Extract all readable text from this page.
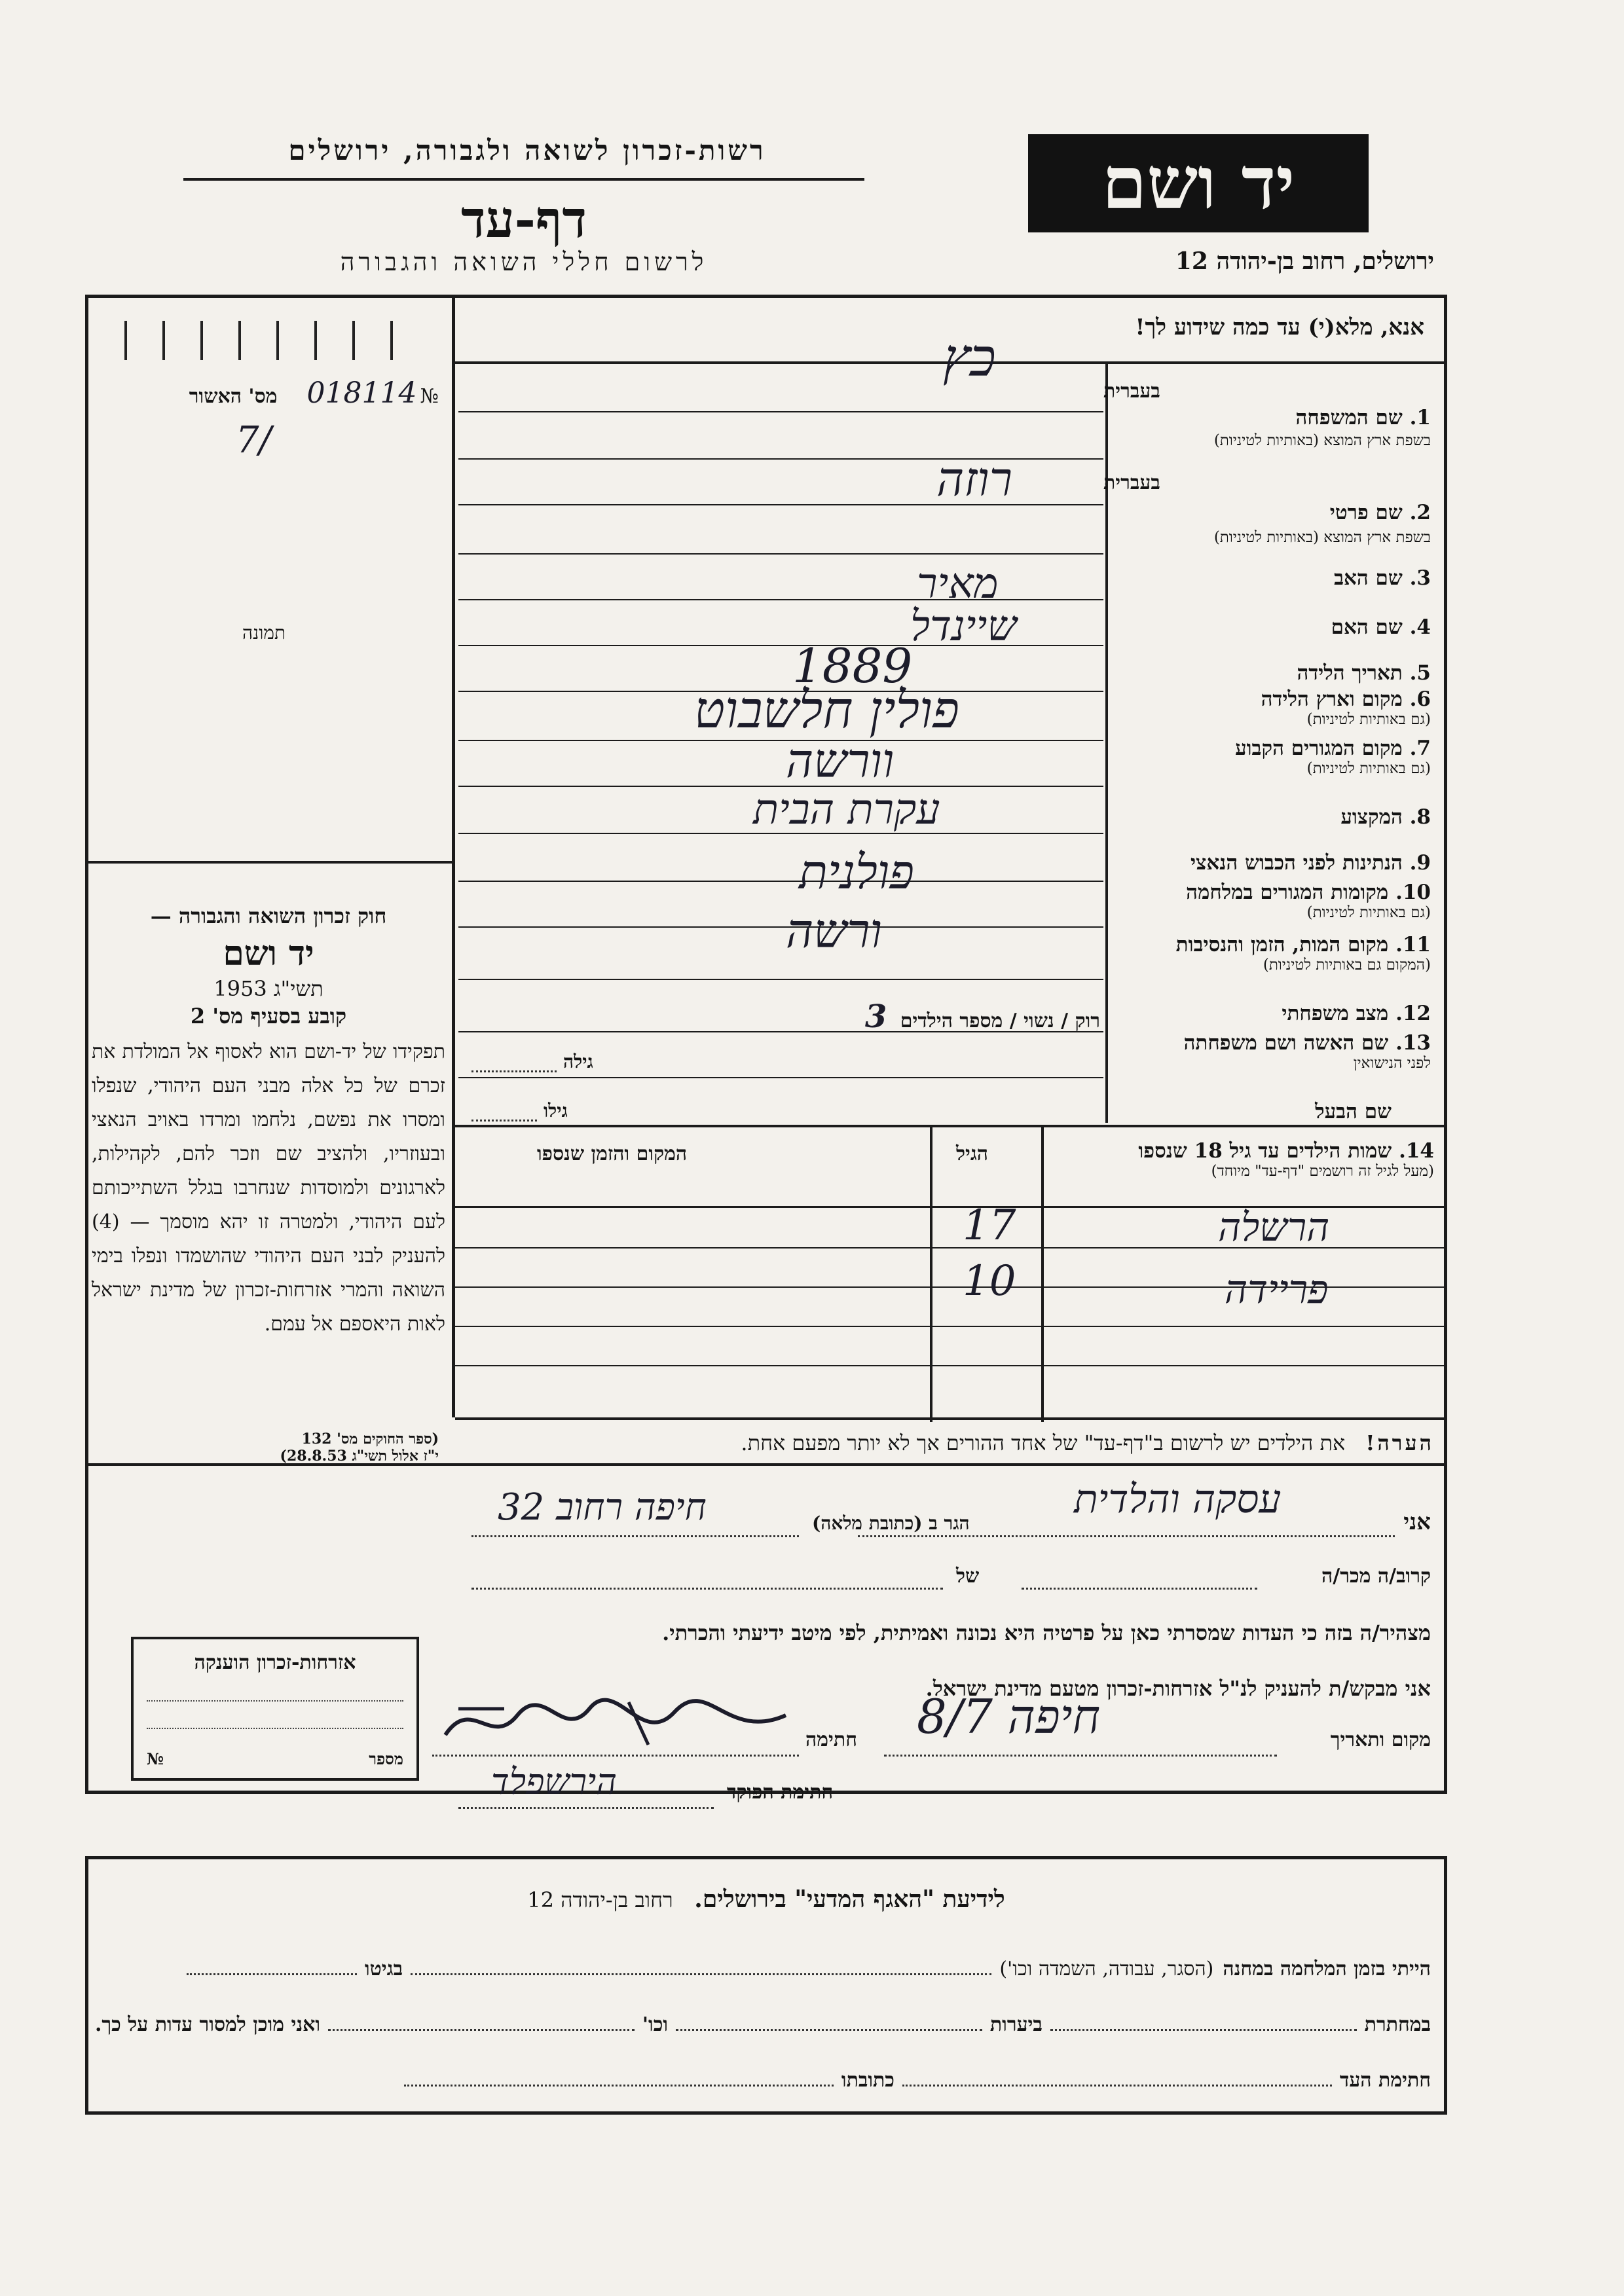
רשות-זכרון לשואה ולגבורה, ירושלים
דף-עד
לרשום חללי השואה והגבורה
יד ושם
ירושלים, רחוב בן-יהודה 12
אנא, מלא(י) עד כמה שידוע לך!
№ 018114 מס' האשור
/7
תמונה

חוק זכרון השואה והגבורה —

יד ושם

תשי"ג 1953

קובע בסעיף מס' 2

תפקידו של יד-ושם הוא לאסוף אל המולדת את זכרם של כל אלה מבני העם היהודי, שנפלו ומסרו את נפשם, נלחמו ומרדו באויב הנאצי ובעוזריו, ולהציב שם וזכר להם, לקהילות, לארגונים ולמוסדות שנחרבו בגלל השתייכותם לעם היהודי, ולמטרה זו יהא מוסמך — (4) להעניק לבני העם היהודי שהושמדו ונפלו בימי השואה והמרי אזרחות-זכרון של מדינת ישראל לאות היאספם אל עמם.

(ספר החוקים מס' 132
י"ז אלול תשי"ג 28.8.53)
בעברית
1. שם המשפחה
בשפת ארץ המוצא (באותיות לטיניות)
בעברית
2. שם פרטי
בשפת ארץ המוצא (באותיות לטיניות)
3. שם האב
4. שם האם
5. תאריך הלידה
6. מקום וארץ הלידה
(גם באותיות לטיניות)
7. מקום המגורים הקבוע
(גם באותיות לטיניות)
8. המקצוע
9. הנתינות לפני הכבוש הנאצי
10. מקומות המגורים במלחמה
(גם באותיות לטיניות)
11. מקום המות, הזמן והנסיבות
(המקום גם באותיות לטיניות)
12. מצב משפחתי
13. שם האשה ושם משפחתה
לפני הנישואין
שם הבעל
כץ
רוזה
מאיר
שיינדל
1889
פולין חלשבוט
וורשה
עקרת הבית
פולנית
ורשה
רוק / נשוי / מספר הילדים 3
גילה
גילו
14. שמות הילדים עד גיל 18 שנספו
(מעל לגיל זה רושמים "דף-עד" מיוחד)
הגיל
המקום והזמן שנספו
הרשלה
17
פריידה
10
הערה! את הילדים יש לרשום ב"דף-עד" של אחד ההורים אך לא יותר מפעם אחת.
אני
עסקה והלדית
הגר ב (כתובת מלאה)
חיפה רחוב 32
קרוב/ה מכר/ה
של
מצהיר/ה בזה כי העדות שמסרתי כאן על פרטיה היא נכונה ואמיתית, לפי מיטב ידיעתי והכרתי.
אני מבקש/ת להעניק לנ"ל אזרחות-זכרון מטעם מדינת ישראל.
מקום ותאריך
חיפה 8/7
חתימה
חתימת הפוקד
הירשפלד
אזרחות-זכרון הוענקה
מספר
№
לידיעת "האגף המדעי" בירושלים. רחוב בן-יהודה 12
הייתי בזמן המלחמה במחנה
(הסגר, עבודה, השמדה וכו')
בגיטו
במחתרת
ביערות
וכו'
ואני מוכן למסור עדות על כך.
חתימת העד
כתובתו
